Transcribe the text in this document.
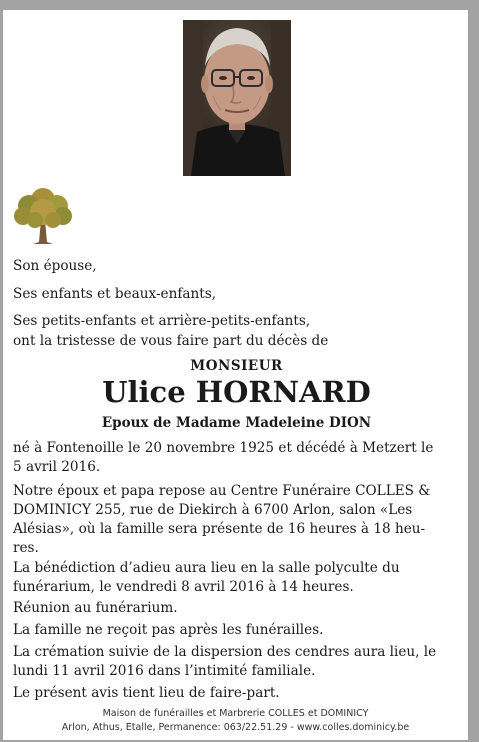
Son épouse,
Ses enfants et beaux-enfants,
Ses petits-enfants et arrière-petits-enfants,
ont la tristesse de vous faire part du décès de
MONSIEUR
Ulice HORNARD
Epoux de Madame Madeleine DION
né à Fontenoille le 20 novembre 1925 et décédé à Metzert le
5 avril 2016.
Notre époux et papa repose au Centre Funéraire COLLES &
DOMINICY 255, rue de Diekirch à 6700 Arlon, salon «Les
Alésias», où la famille sera présente de 16 heures à 18 heu-
res.
La bénédiction d’adieu aura lieu en la salle polyculte du
funérarium, le vendredi 8 avril 2016 à 14 heures.
Réunion au funérarium.
La famille ne reçoit pas après les funérailles.
La crémation suivie de la dispersion des cendres aura lieu, le
lundi 11 avril 2016 dans l’intimité familiale.
Le présent avis tient lieu de faire-part.
Maison de funérailles et Marbrerie COLLES et DOMINICY
Arlon, Athus, Etalle, Permanence: 063/22.51.29 - www.colles.dominicy.be
